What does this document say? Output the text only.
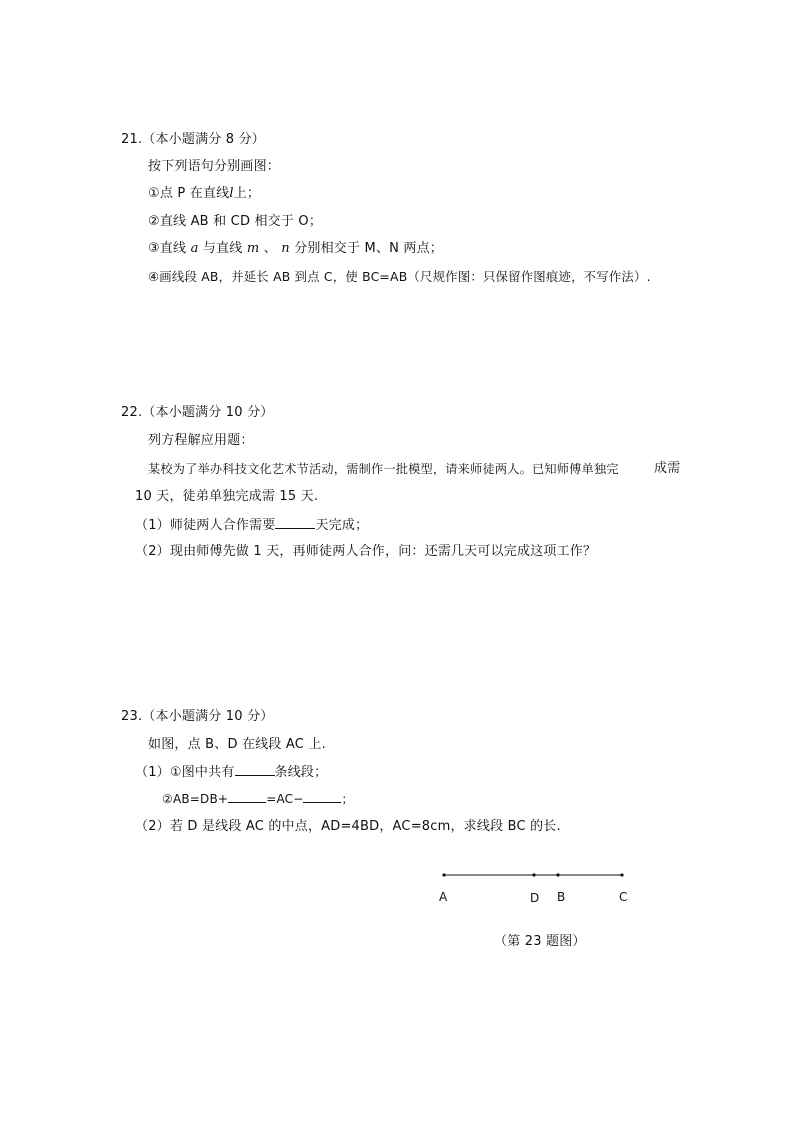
21.（本小题满分 8 分）
按下列语句分别画图：
①点 P 在直线l上；
②直线 AB 和 CD 相交于 O；
③直线 a 与直线 m 、 n 分别相交于 M、N 两点；
④画线段 AB，并延长 AB 到点 C，使 BC=AB（尺规作图：只保留作图痕迹，不写作法）.
22.（本小题满分 10 分）
列方程解应用题：
某校为了举办科技文化艺术节活动，需制作一批模型，请来师徒两人。已知师傅单独完	成需
10 天，徒弟单独完成需 15 天.
（1）师徒两人合作需要	天完成；
（2）现由师傅先做 1 天，再师徒两人合作，问：还需几天可以完成这项工作？
23.（本小题满分 10 分）
如图，点 B、D 在线段 AC 上.
（1）①图中共有	条线段；
②AB=DB+	=AC−	；
（2）若 D 是线段 AC 的中点，AD=4BD，AC=8cm，求线段 BC 的长.
A	D B	C
（第 23 题图）
